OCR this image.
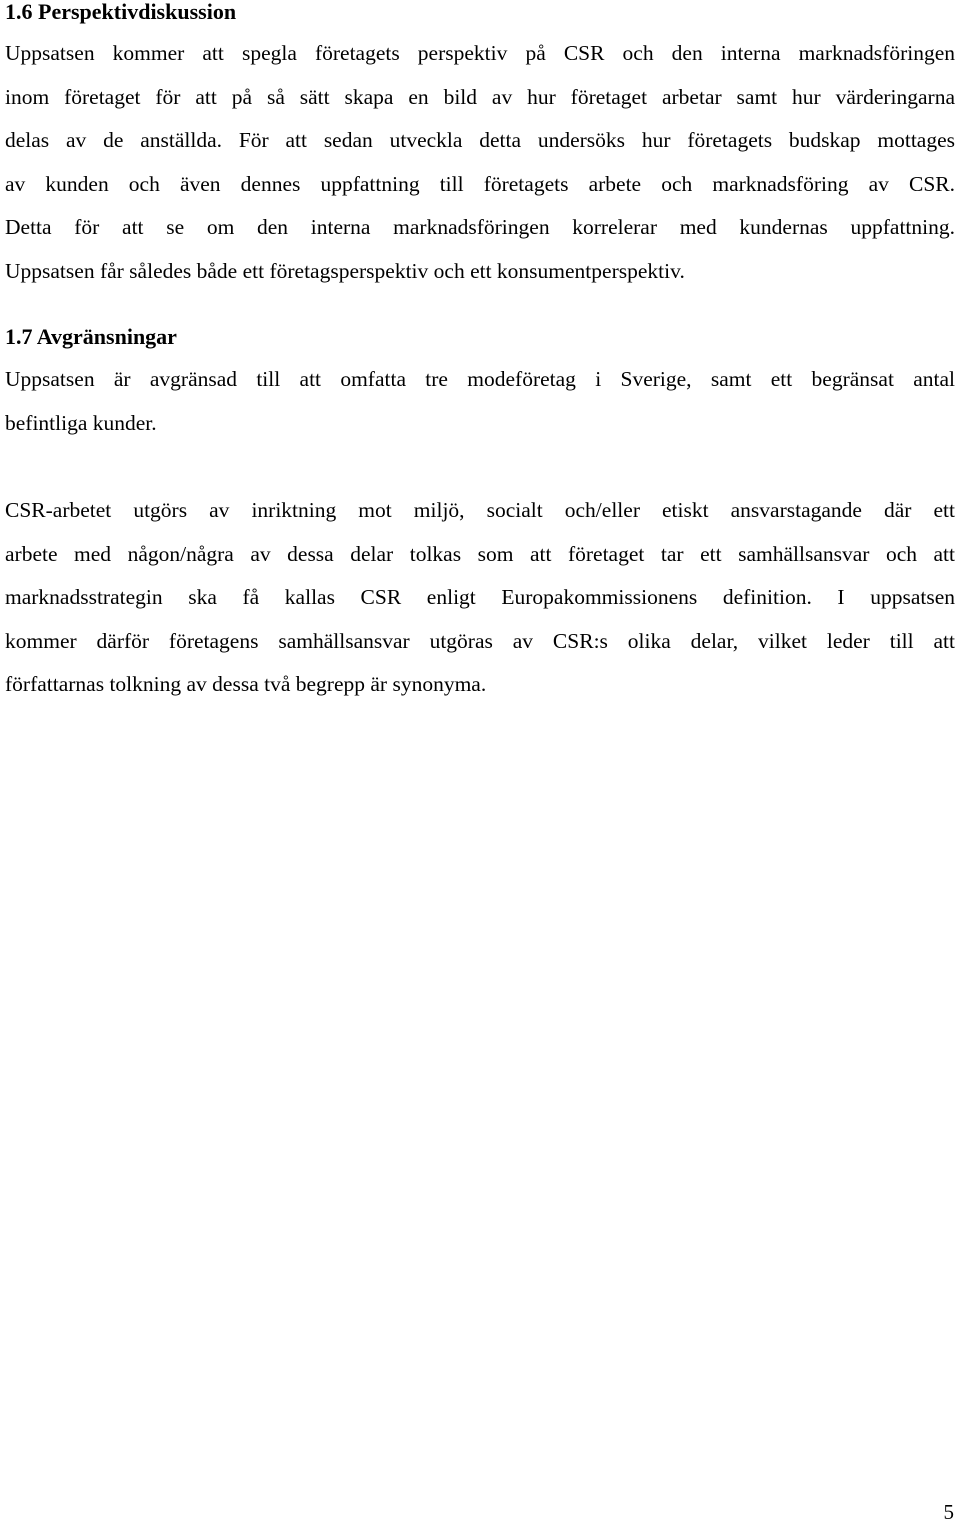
1.6 Perspektivdiskussion

Uppsatsen kommer att spegla företagets perspektiv på CSR och den interna marknadsföringen
inom företaget för att på så sätt skapa en bild av hur företaget arbetar samt hur värderingarna
delas av de anställda. För att sedan utveckla detta undersöks hur företagets budskap mottages
av kunden och även dennes uppfattning till företagets arbete och marknadsföring av CSR.
Detta för att se om den interna marknadsföringen korrelerar med kundernas uppfattning.
Uppsatsen får således både ett företagsperspektiv och ett konsumentperspektiv.

1.7 Avgränsningar

Uppsatsen är avgränsad till att omfatta tre modeföretag i Sverige, samt ett begränsat antal
befintliga kunder.

CSR-arbetet utgörs av inriktning mot miljö, socialt och/eller etiskt ansvarstagande där ett
arbete med någon/några av dessa delar tolkas som att företaget tar ett samhällsansvar och att
marknadsstrategin ska få kallas CSR enligt Europakommissionens definition. I uppsatsen
kommer därför företagens samhällsansvar utgöras av CSR:s olika delar, vilket leder till att
författarnas tolkning av dessa två begrepp är synonyma.

5
